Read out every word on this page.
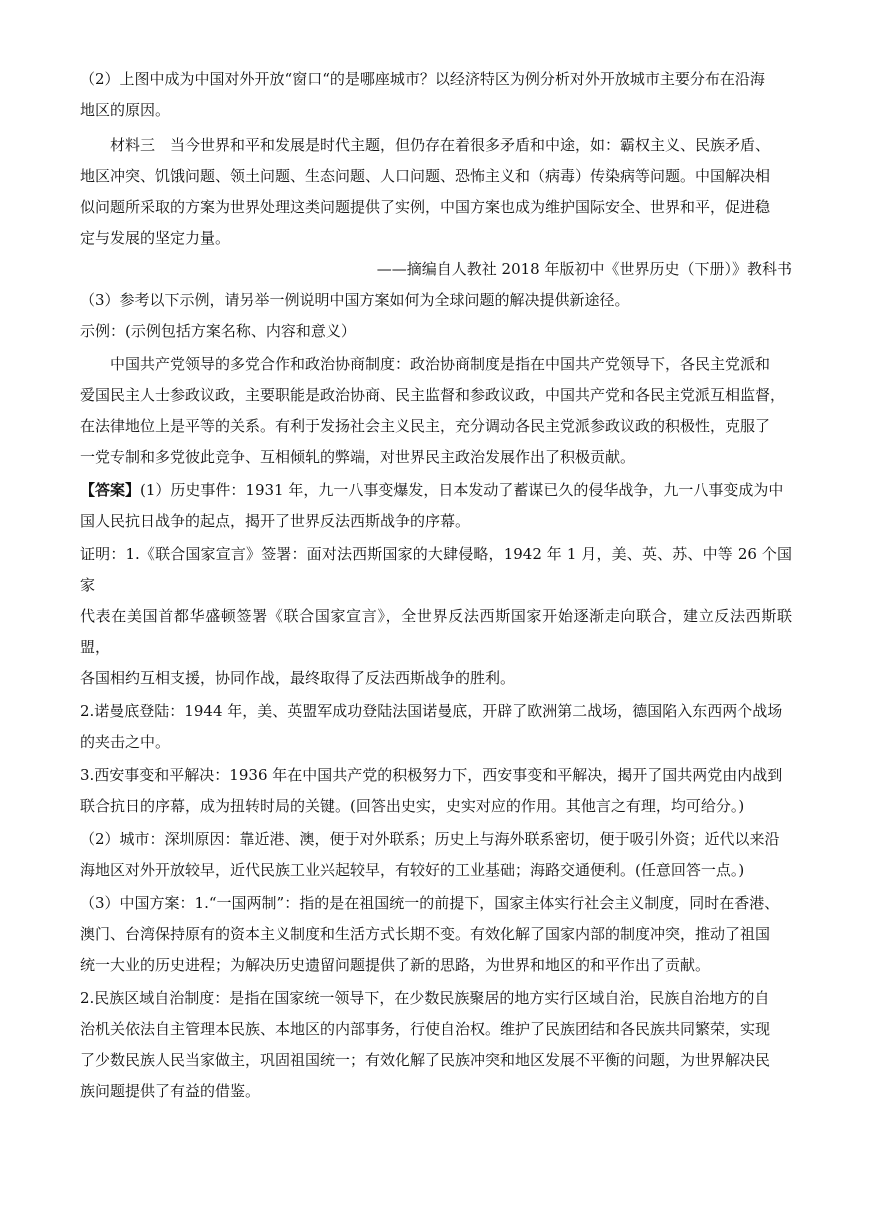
（2）上图中成为中国对外开放“窗口“的是哪座城市？以经济特区为例分析对外开放城市主要分布在沿海

地区的原因。

材料三　当今世界和平和发展是时代主题，但仍存在着很多矛盾和中途，如：霸权主义、民族矛盾、

地区冲突、饥饿问题、领土问题、生态问题、人口问题、恐怖主义和（病毒）传染病等问题。中国解决相

似问题所采取的方案为世界处理这类问题提供了实例，中国方案也成为维护国际安全、世界和平，促进稳

定与发展的坚定力量。

——摘编自人教社 2018 年版初中《世界历史（下册）》教科书

（3）参考以下示例，请另举一例说明中国方案如何为全球问题的解决提供新途径。

示例：(示例包括方案名称、内容和意义）

中国共产党领导的多党合作和政治协商制度：政治协商制度是指在中国共产党领导下，各民主党派和

爱国民主人士参政议政，主要职能是政治协商、民主监督和参政议政，中国共产党和各民主党派互相监督，

在法律地位上是平等的关系。有利于发扬社会主义民主，充分调动各民主党派参政议政的积极性，克服了

一党专制和多党彼此竞争、互相倾轧的弊端，对世界民主政治发展作出了积极贡献。

【答案】(1）历史事件：1931 年，九一八事变爆发，日本发动了蓄谋已久的侵华战争，九一八事变成为中

国人民抗日战争的起点，揭开了世界反法西斯战争的序幕。

证明：1.《联合国家宣言》签署：面对法西斯国家的大肆侵略，1942 年 1 月，美、英、苏、中等 26 个国家

代表在美国首都华盛顿签署《联合国家宣言》，全世界反法西斯国家开始逐渐走向联合，建立反法西斯联盟，

各国相约互相支援，协同作战，最终取得了反法西斯战争的胜利。

2.诺曼底登陆：1944 年，美、英盟军成功登陆法国诺曼底，开辟了欧洲第二战场，德国陷入东西两个战场

的夹击之中。

3.西安事变和平解决：1936 年在中国共产党的积极努力下，西安事变和平解决，揭开了国共两党由内战到

联合抗日的序幕，成为扭转时局的关键。(回答出史实，史实对应的作用。其他言之有理，均可给分。)

（2）城市：深圳原因：靠近港、澳，便于对外联系；历史上与海外联系密切，便于吸引外资；近代以来沿

海地区对外开放较早，近代民族工业兴起较早，有较好的工业基础；海路交通便利。(任意回答一点。)

（3）中国方案：1.“一国两制”：指的是在祖国统一的前提下，国家主体实行社会主义制度，同时在香港、

澳门、台湾保持原有的资本主义制度和生活方式长期不变。有效化解了国家内部的制度冲突，推动了祖国

统一大业的历史进程；为解决历史遗留问题提供了新的思路，为世界和地区的和平作出了贡献。

2.民族区域自治制度：是指在国家统一领导下，在少数民族聚居的地方实行区域自治，民族自治地方的自

治机关依法自主管理本民族、本地区的内部事务，行使自治权。维护了民族团结和各民族共同繁荣，实现

了少数民族人民当家做主，巩固祖国统一；有效化解了民族冲突和地区发展不平衡的问题，为世界解决民

族问题提供了有益的借鉴。
